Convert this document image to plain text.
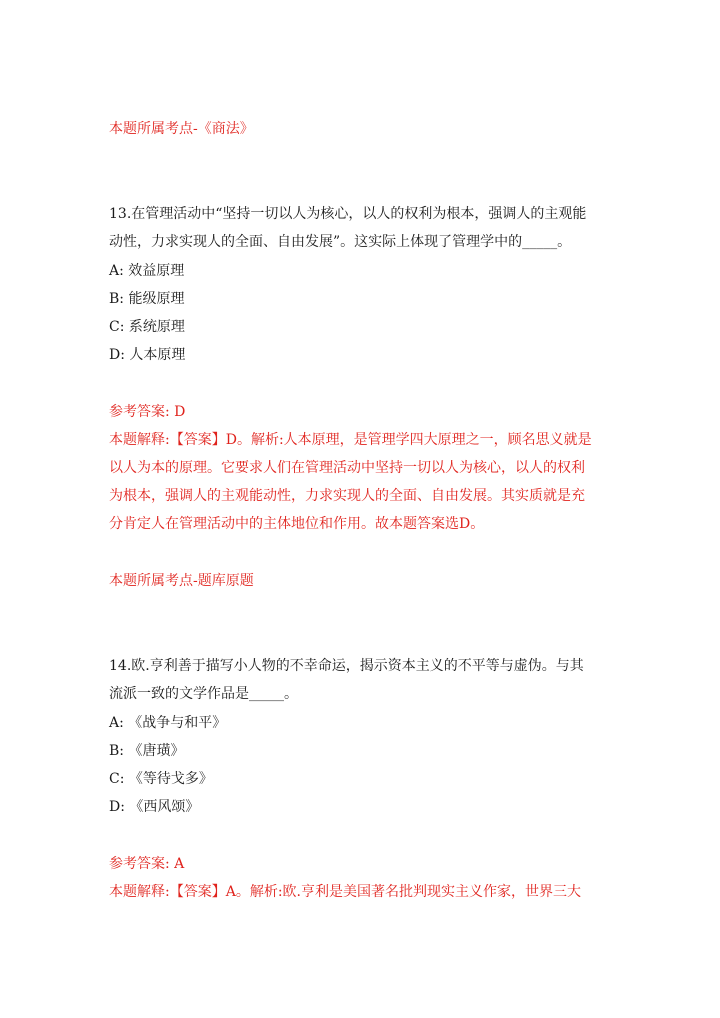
本题所属考点-《商法》
13.在管理活动中“坚持一切以人为核心，以人的权利为根本，强调人的主观能
动性，力求实现人的全面、自由发展”。这实际上体现了管理学中的_____。
A: 效益原理
B: 能级原理
C: 系统原理
D: 人本原理
参考答案: D
本题解释:【答案】D。解析:人本原理，是管理学四大原理之一，顾名思义就是
以人为本的原理。它要求人们在管理活动中坚持一切以人为核心，以人的权利
为根本，强调人的主观能动性，力求实现人的全面、自由发展。其实质就是充
分肯定人在管理活动中的主体地位和作用。故本题答案选D。
本题所属考点-题库原题
14.欧.亨利善于描写小人物的不幸命运，揭示资本主义的不平等与虚伪。与其
流派一致的文学作品是_____。
A: 《战争与和平》
B: 《唐璜》
C: 《等待戈多》
D: 《西风颂》
参考答案: A
本题解释:【答案】A。解析:欧.亨利是美国著名批判现实主义作家，世界三大
